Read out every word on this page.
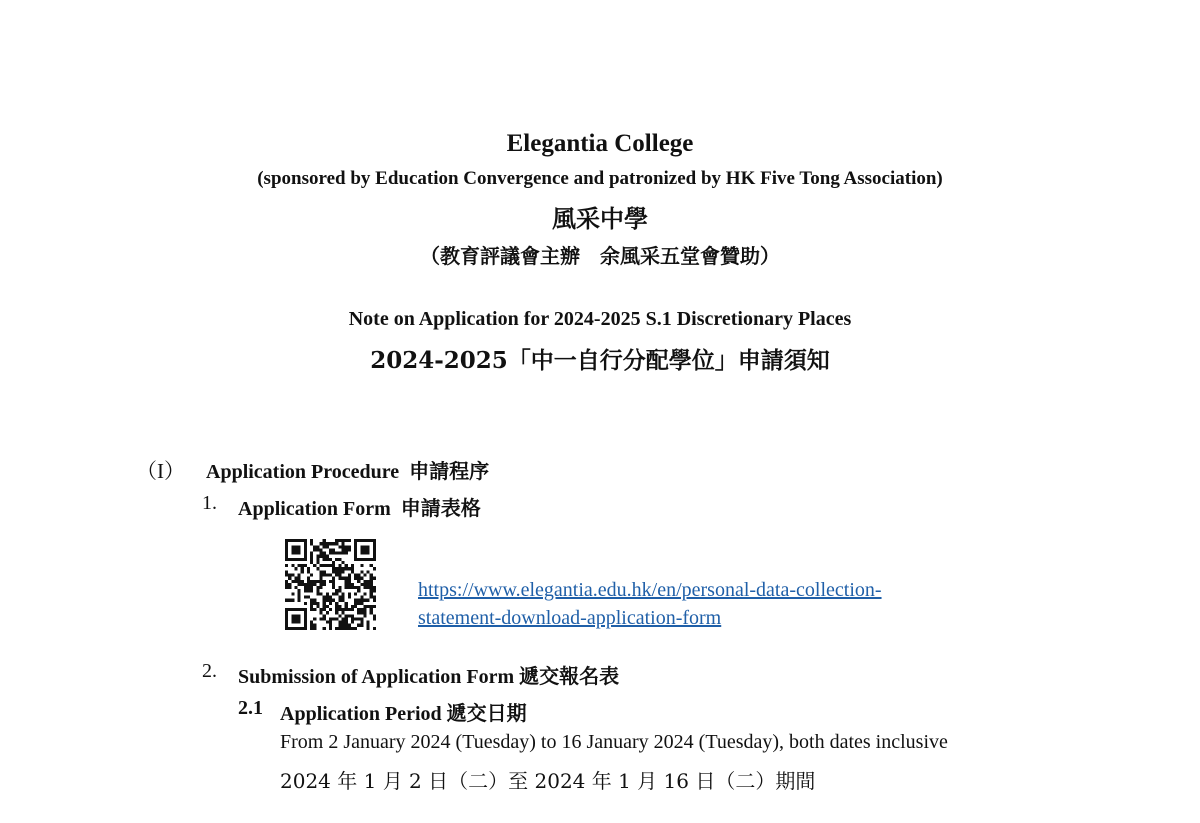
Elegantia College
(sponsored by Education Convergence and patronized by HK Five Tong Association)
風采中學
（教育評議會主辦　余風采五堂會贊助）
Note on Application for 2024-2025 S.1 Discretionary Places
2024-2025「中一自行分配學位」申請須知
（I） Application Procedure 申請程序
1. Application Form 申請表格
https://www.elegantia.edu.hk/en/personal-data-collection-
statement-download-application-form
2. Submission of Application Form 遞交報名表
2.1 Application Period 遞交日期
From 2 January 2024 (Tuesday) to 16 January 2024 (Tuesday), both dates inclusive
2024 年 1 月 2 日（二）至 2024 年 1 月 16 日（二）期間
